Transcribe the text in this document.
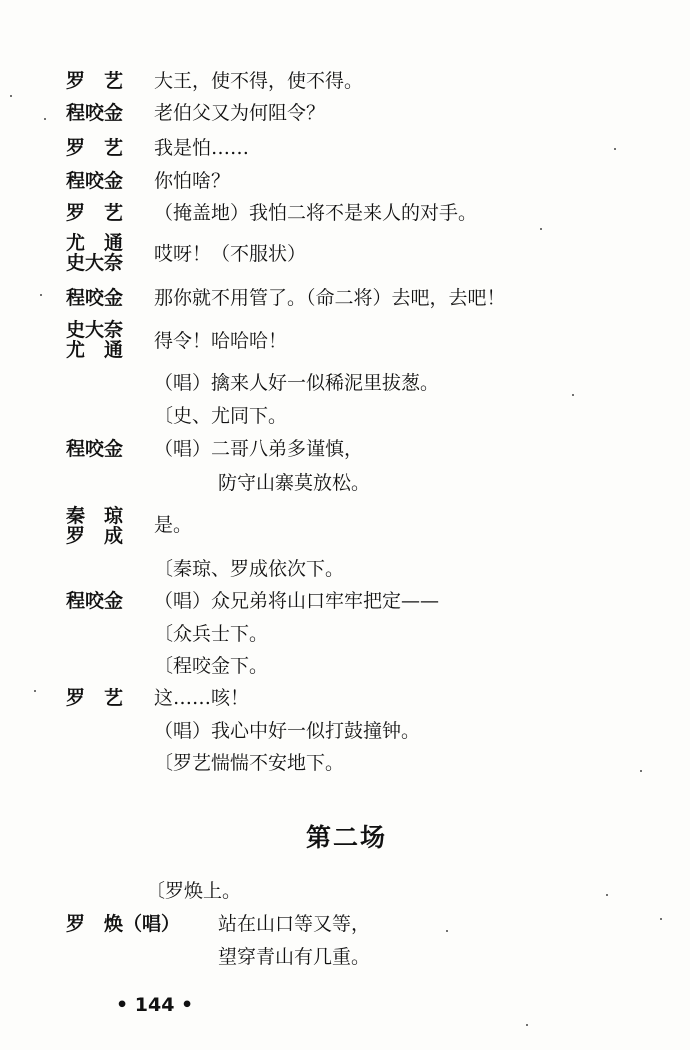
罗　艺 大王，使不得，使不得。
程咬金 老伯父又为何阻令？
罗　艺 我是怕……
程咬金 你怕啥？
罗　艺 （掩盖地）我怕二将不是来人的对手。
尤　通
史大奈 哎呀！（不服状）
程咬金 那你就不用管了。（命二将）去吧，去吧！
史大奈
尤　通 得令！哈哈哈！
（唱）擒来人好一似稀泥里拔葱。
〔史、尤同下。
程咬金 （唱）二哥八弟多谨慎，
防守山寨莫放松。
秦　琼
罗　成 是。
〔秦琼、罗成依次下。
程咬金 （唱）众兄弟将山口牢牢把定——
〔众兵士下。
〔程咬金下。
罗　艺 这……咳！
（唱）我心中好一似打鼓撞钟。
〔罗艺惴惴不安地下。
第二场
〔罗焕上。
罗　焕（唱） 站在山口等又等，
望穿青山有几重。
• 144 •
